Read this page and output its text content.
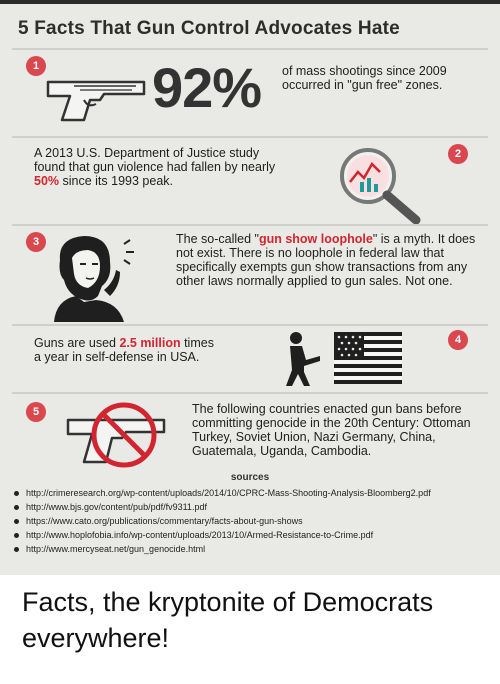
5 Facts That Gun Control Advocates Hate
1 92% of mass shootings since 2009 occurred in "gun free" zones.
A 2013 U.S. Department of Justice study found that gun violence had fallen by nearly 50% since its 1993 peak.
2
3	The so-called "gun show loophole" is a myth. It does not exist. There is no loophole in federal law that specifically exempts gun show transactions from any other laws normally applied to gun sales. Not one.
Guns are used 2.5 million times a year in self-defense in USA.
4
5	The following countries enacted gun bans before committing genocide in the 20th Century: Ottoman Turkey, Soviet Union, Nazi Germany, China, Guatemala, Uganda, Cambodia.
sources
http://crimeresearch.org/wp-content/uploads/2014/10/CPRC-Mass-Shooting-Analysis-Bloomberg2.pdf
http://www.bjs.gov/content/pub/pdf/fv9311.pdf
https://www.cato.org/publications/commentary/facts-about-gun-shows
http://www.hoplofobia.info/wp-content/uploads/2013/10/Armed-Resistance-to-Crime.pdf
http://www.mercyseat.net/gun_genocide.html
Facts, the kryptonite of Democrats everywhere!
